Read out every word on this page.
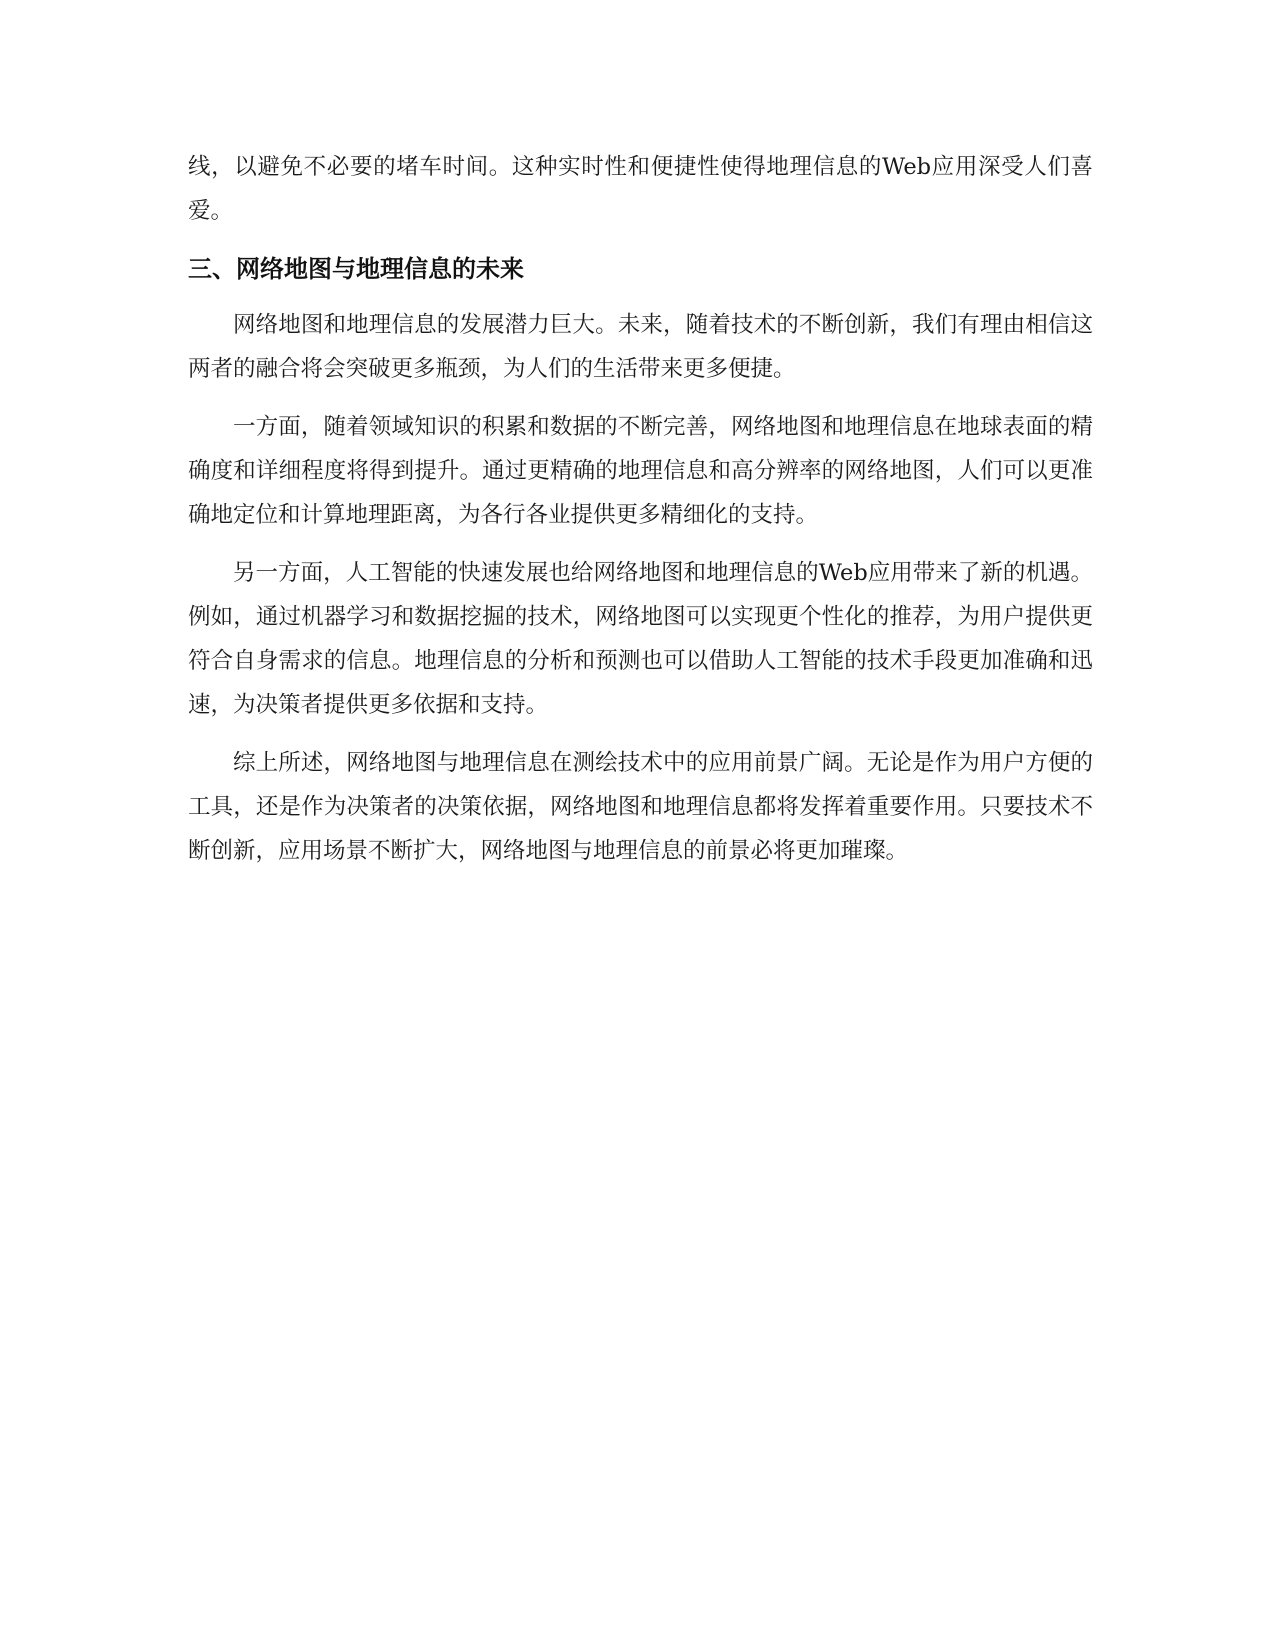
线，以避免不必要的堵车时间。这种实时性和便捷性使得地理信息的Web应用深受人们喜爱。

三、网络地图与地理信息的未来

网络地图和地理信息的发展潜力巨大。未来，随着技术的不断创新，我们有理由相信这两者的融合将会突破更多瓶颈，为人们的生活带来更多便捷。

一方面，随着领域知识的积累和数据的不断完善，网络地图和地理信息在地球表面的精确度和详细程度将得到提升。通过更精确的地理信息和高分辨率的网络地图，人们可以更准确地定位和计算地理距离，为各行各业提供更多精细化的支持。

另一方面，人工智能的快速发展也给网络地图和地理信息的Web应用带来了新的机遇。例如，通过机器学习和数据挖掘的技术，网络地图可以实现更个性化的推荐，为用户提供更符合自身需求的信息。地理信息的分析和预测也可以借助人工智能的技术手段更加准确和迅速，为决策者提供更多依据和支持。

综上所述，网络地图与地理信息在测绘技术中的应用前景广阔。无论是作为用户方便的工具，还是作为决策者的决策依据，网络地图和地理信息都将发挥着重要作用。只要技术不断创新，应用场景不断扩大，网络地图与地理信息的前景必将更加璀璨。
